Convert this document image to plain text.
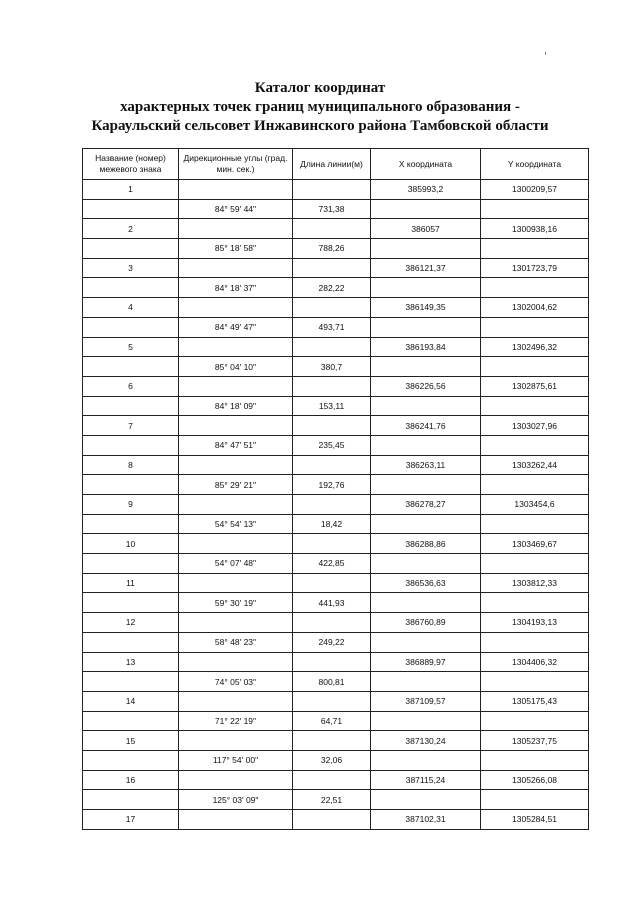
Каталог координат
характерных точек границ муниципального образования -
Караульский сельсовет Инжавинского района Тамбовской области
Название (номер) межевого знака	Дирекционные углы (град. мин. сек.)	Длина линии(м)	X координата	Y координата
1			385993,2	1300209,57
	84° 59' 44"	731,38		
2			386057	1300938,16
	85° 18' 58"	788,26		
3			386121,37	1301723,79
	84° 18' 37"	282,22		
4			386149,35	1302004,62
	84° 49' 47"	493,71		
5			386193,84	1302496,32
	85° 04' 10"	380,7		
6			386226,56	1302875,61
	84° 18' 09"	153,11		
7			386241,76	1303027,96
	84° 47' 51"	235,45		
8			386263,11	1303262,44
	85° 29' 21"	192,76		
9			386278,27	1303454,6
	54° 54' 13"	18,42		
10			386288,86	1303469,67
	54° 07' 48"	422,85		
11			386536,63	1303812,33
	59° 30' 19"	441,93		
12			386760,89	1304193,13
	58° 48' 23"	249,22		
13			386889,97	1304406,32
	74° 05' 03"	800,81		
14			387109,57	1305175,43
	71° 22' 19"	64,71		
15			387130,24	1305237,75
	117° 54' 00"	32,06		
16			387115,24	1305266,08
	125° 03' 09"	22,51		
17			387102,31	1305284,51
